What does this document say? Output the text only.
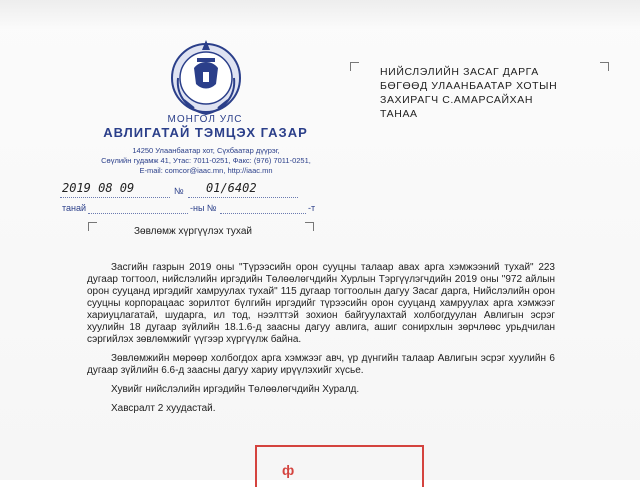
МОНГОЛ УЛС
АВЛИГАТАЙ ТЭМЦЭХ ГАЗАР
14250 Улаанбаатар хот, Сүхбаатар дүүрэг,
Сөүлийн гудамж 41, Утас: 7011-0251, Факс: (976) 7011-0251,
E-mail: comcor@iaac.mn, http://iaac.mn
2019 08 09	№ 01/6402
танай	-ны №	-т
НИЙСЛЭЛИЙН ЗАСАГ ДАРГА
БӨГӨӨД УЛААНБААТАР ХОТЫН
ЗАХИРАГЧ С.АМАРСАЙХАН
ТАНАА
Зөвлөмж хүргүүлэх тухай

Засгийн газрын 2019 оны "Түрээсийн орон сууцны талаар авах арга хэмжээний тухай" 223 дугаар тогтоол, нийслэлийн иргэдийн Төлөөлөгчдийн Хурлын Тэргүүлэгчдийн 2019 оны "972 айлын орон сууцанд иргэдийг хамруулах тухай" 115 дугаар тогтоолын дагуу Засаг дарга, Нийслэлийн орон сууцны корпорацаас зорилтот бүлгийн иргэдийг түрээсийн орон сууцанд хамруулах арга хэмжээг хариуцлагатай, шударга, ил тод, нээлттэй зохион байгуулахтай холбогдуулан Авлигын эсрэг хуулийн 18 дугаар зүйлийн 18.1.6-д заасны дагуу авлига, ашиг сонирхлын зөрчлөөс урьдчилан сэргийлэх зөвлөмжийг үүгээр хүргүүлж байна.

Зөвлөмжийн мөрөөр холбогдох арга хэмжээг авч, үр дүнгийн талаар Авлигын эсрэг хуулийн 6 дугаар зүйлийн 6.6-д заасны дагуу хариу ирүүлэхийг хүсье.

Хувийг нийслэлийн иргэдийн Төлөөлөгчдийн Хуралд.

Хавсралт 2 хуудастай.

ф
